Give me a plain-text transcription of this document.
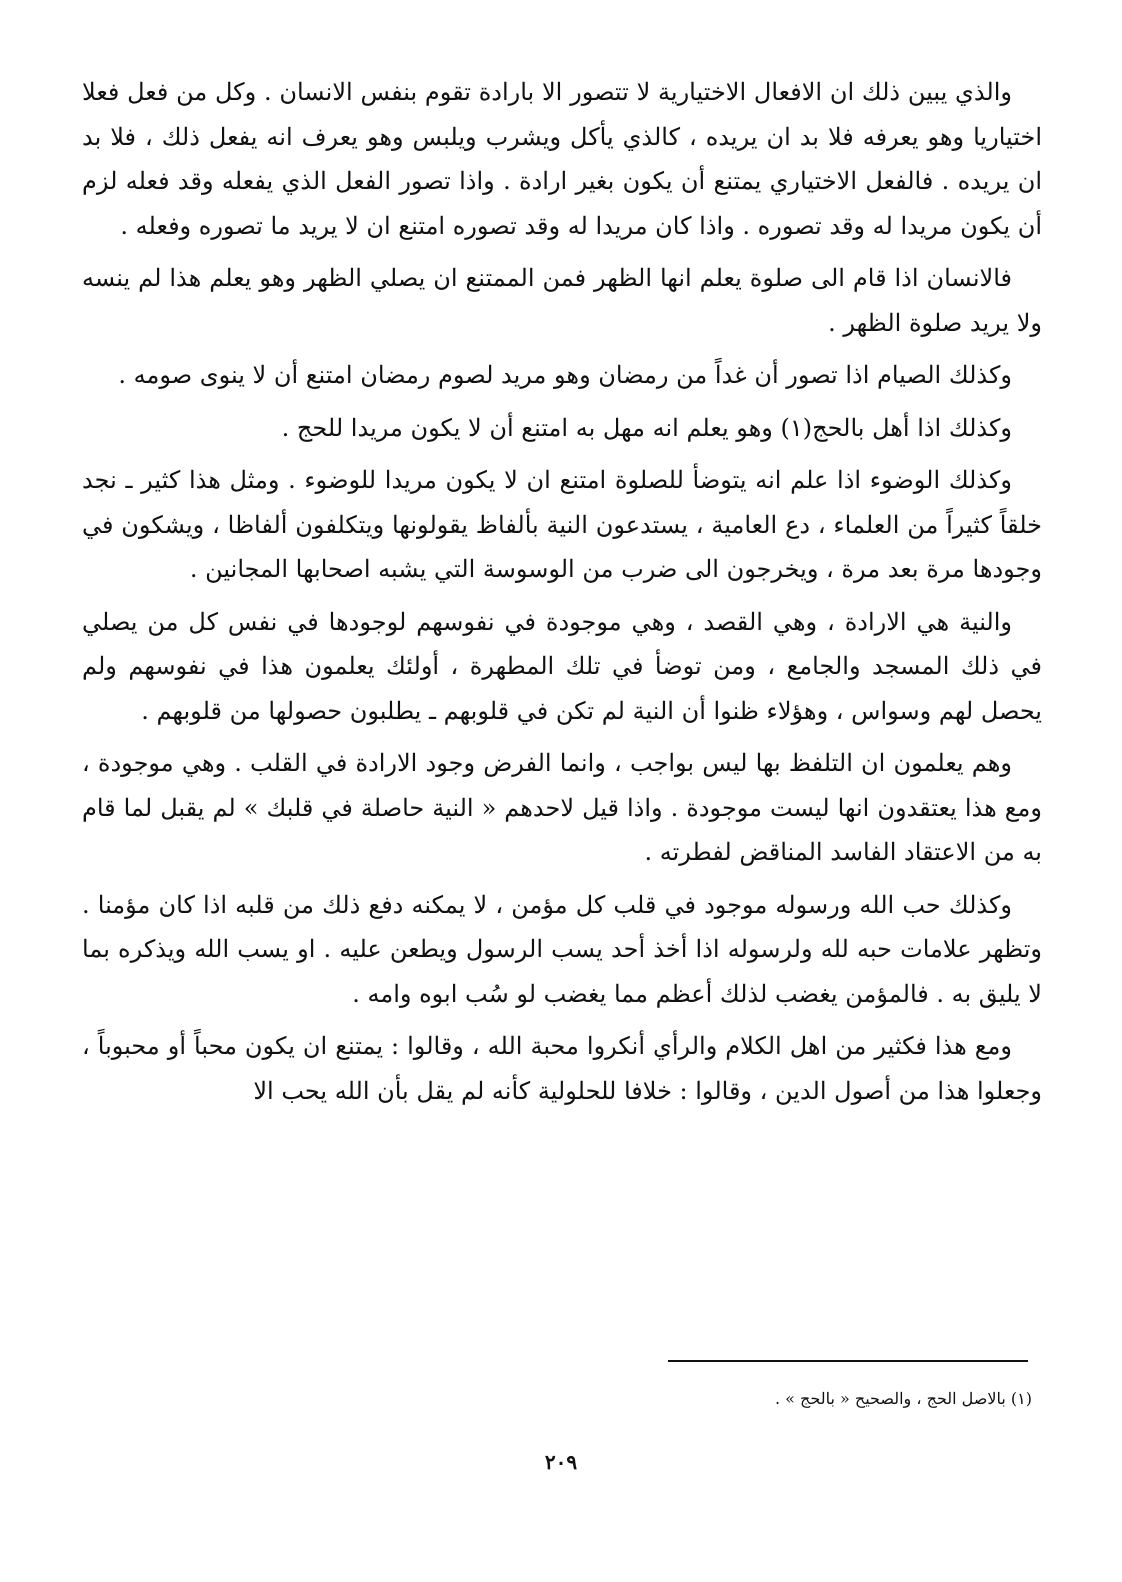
والذي يبين ذلك ان الافعال الاختيارية لا تتصور الا بارادة تقوم بنفس الانسان . وكل من فعل فعلا اختياريا وهو يعرفه فلا بد ان يريده ، كالذي يأكل ويشرب ويلبس وهو يعرف انه يفعل ذلك ، فلا بد ان يريده . فالفعل الاختياري يمتنع أن يكون بغير ارادة . واذا تصور الفعل الذي يفعله وقد فعله لزم أن يكون مريدا له وقد تصوره . واذا كان مريدا له وقد تصوره امتنع ان لا يريد ما تصوره وفعله .

فالانسان اذا قام الى صلوة يعلم انها الظهر فمن الممتنع ان يصلي الظهر وهو يعلم هذا لم ينسه ولا يريد صلوة الظهر .

وكذلك الصيام اذا تصور أن غداً من رمضان وهو مريد لصوم رمضان امتنع أن لا ينوى صومه .

وكذلك اذا أهل بالحج(١) وهو يعلم انه مهل به امتنع أن لا يكون مريدا للحج .

وكذلك الوضوء اذا علم انه يتوضأ للصلوة امتنع ان لا يكون مريدا للوضوء . ومثل هذا كثير ـ نجد خلقاً كثيراً من العلماء ، دع العامية ، يستدعون النية بألفاظ يقولونها ويتكلفون ألفاظا ، ويشكون في وجودها مرة بعد مرة ، ويخرجون الى ضرب من الوسوسة التي يشبه اصحابها المجانين .

والنية هي الارادة ، وهي القصد ، وهي موجودة في نفوسهم لوجودها في نفس كل من يصلي في ذلك المسجد والجامع ، ومن توضأ في تلك المطهرة ، أولئك يعلمون هذا في نفوسهم ولم يحصل لهم وسواس ، وهؤلاء ظنوا أن النية لم تكن في قلوبهم ـ يطلبون حصولها من قلوبهم .

وهم يعلمون ان التلفظ بها ليس بواجب ، وانما الفرض وجود الارادة في القلب . وهي موجودة ، ومع هذا يعتقدون انها ليست موجودة . واذا قيل لاحدهم « النية حاصلة في قلبك » لم يقبل لما قام به من الاعتقاد الفاسد المناقض لفطرته .

وكذلك حب الله ورسوله موجود في قلب كل مؤمن ، لا يمكنه دفع ذلك من قلبه اذا كان مؤمنا . وتظهر علامات حبه لله ولرسوله اذا أخذ أحد يسب الرسول ويطعن عليه . او يسب الله ويذكره بما لا يليق به . فالمؤمن يغضب لذلك أعظم مما يغضب لو سُب ابوه وامه .

ومع هذا فكثير من اهل الكلام والرأي أنكروا محبة الله ، وقالوا : يمتنع ان يكون محباً أو محبوباً ، وجعلوا هذا من أصول الدين ، وقالوا : خلافا للحلولية كأنه لم يقل بأن الله يحب الا

(١) بالاصل الحج ، والصحيح « بالحج » .
٢٠٩
